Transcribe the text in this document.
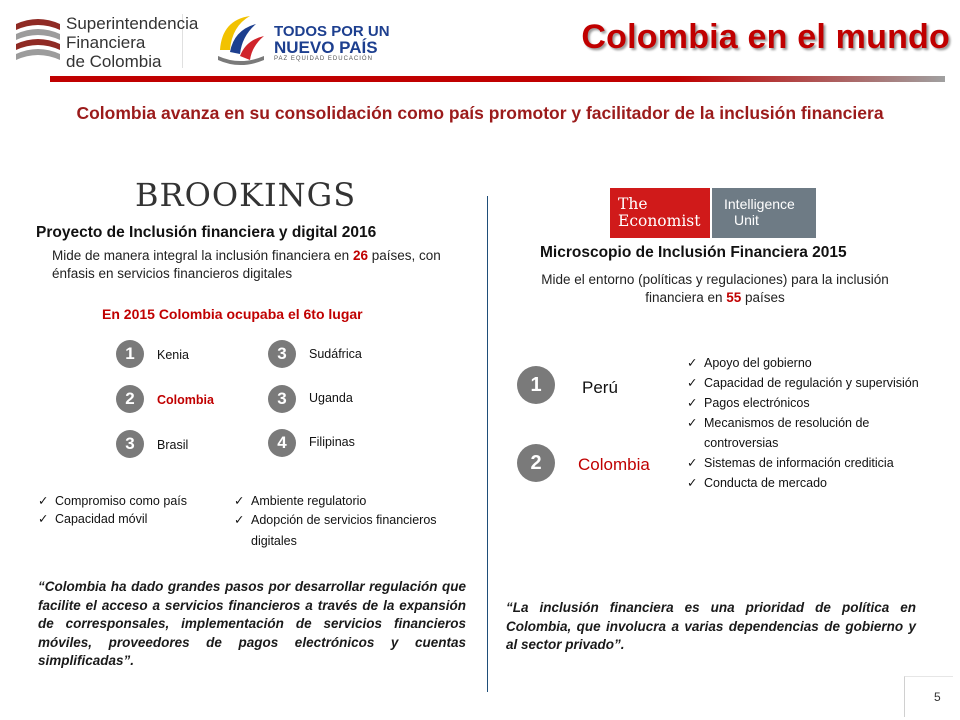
Superintendencia
Financiera
de Colombia
TODOS POR UN
NUEVO PAÍS
PAZ EQUIDAD EDUCACIÓN
Colombia en el mundo
Colombia avanza en su consolidación como país promotor y facilitador de la inclusión financiera
BROOKINGS
Proyecto de Inclusión financiera y digital 2016
Mide de manera integral la inclusión financiera en 26 países, con énfasis en servicios financieros digitales
En 2015 Colombia ocupaba el 6to lugar
1	Kenia
2	Colombia
3	Brasil
3	Sudáfrica
3	Uganda
4	Filipinas
✓ Compromiso como país
✓ Capacidad móvil
✓ Ambiente regulatorio
✓ Adopción de servicios financieros digitales
“Colombia ha dado grandes pasos por desarrollar regulación que facilite el acceso a servicios financieros a través de la expansión de corresponsales, implementación de servicios financieros móviles, proveedores de pagos electrónicos y cuentas simplificadas”.
The
Economist
Intelligence
Unit
Microscopio de Inclusión Financiera 2015
Mide el entorno (políticas y regulaciones) para la inclusión financiera en 55 países
1	Perú
2	Colombia
✓ Apoyo del gobierno
✓ Capacidad de regulación y supervisión
✓ Pagos electrónicos
✓ Mecanismos de resolución de controversias
✓ Sistemas de información crediticia
✓ Conducta de mercado
“La inclusión financiera es una prioridad de política en Colombia, que involucra a varias dependencias de gobierno y al sector privado”.
5
